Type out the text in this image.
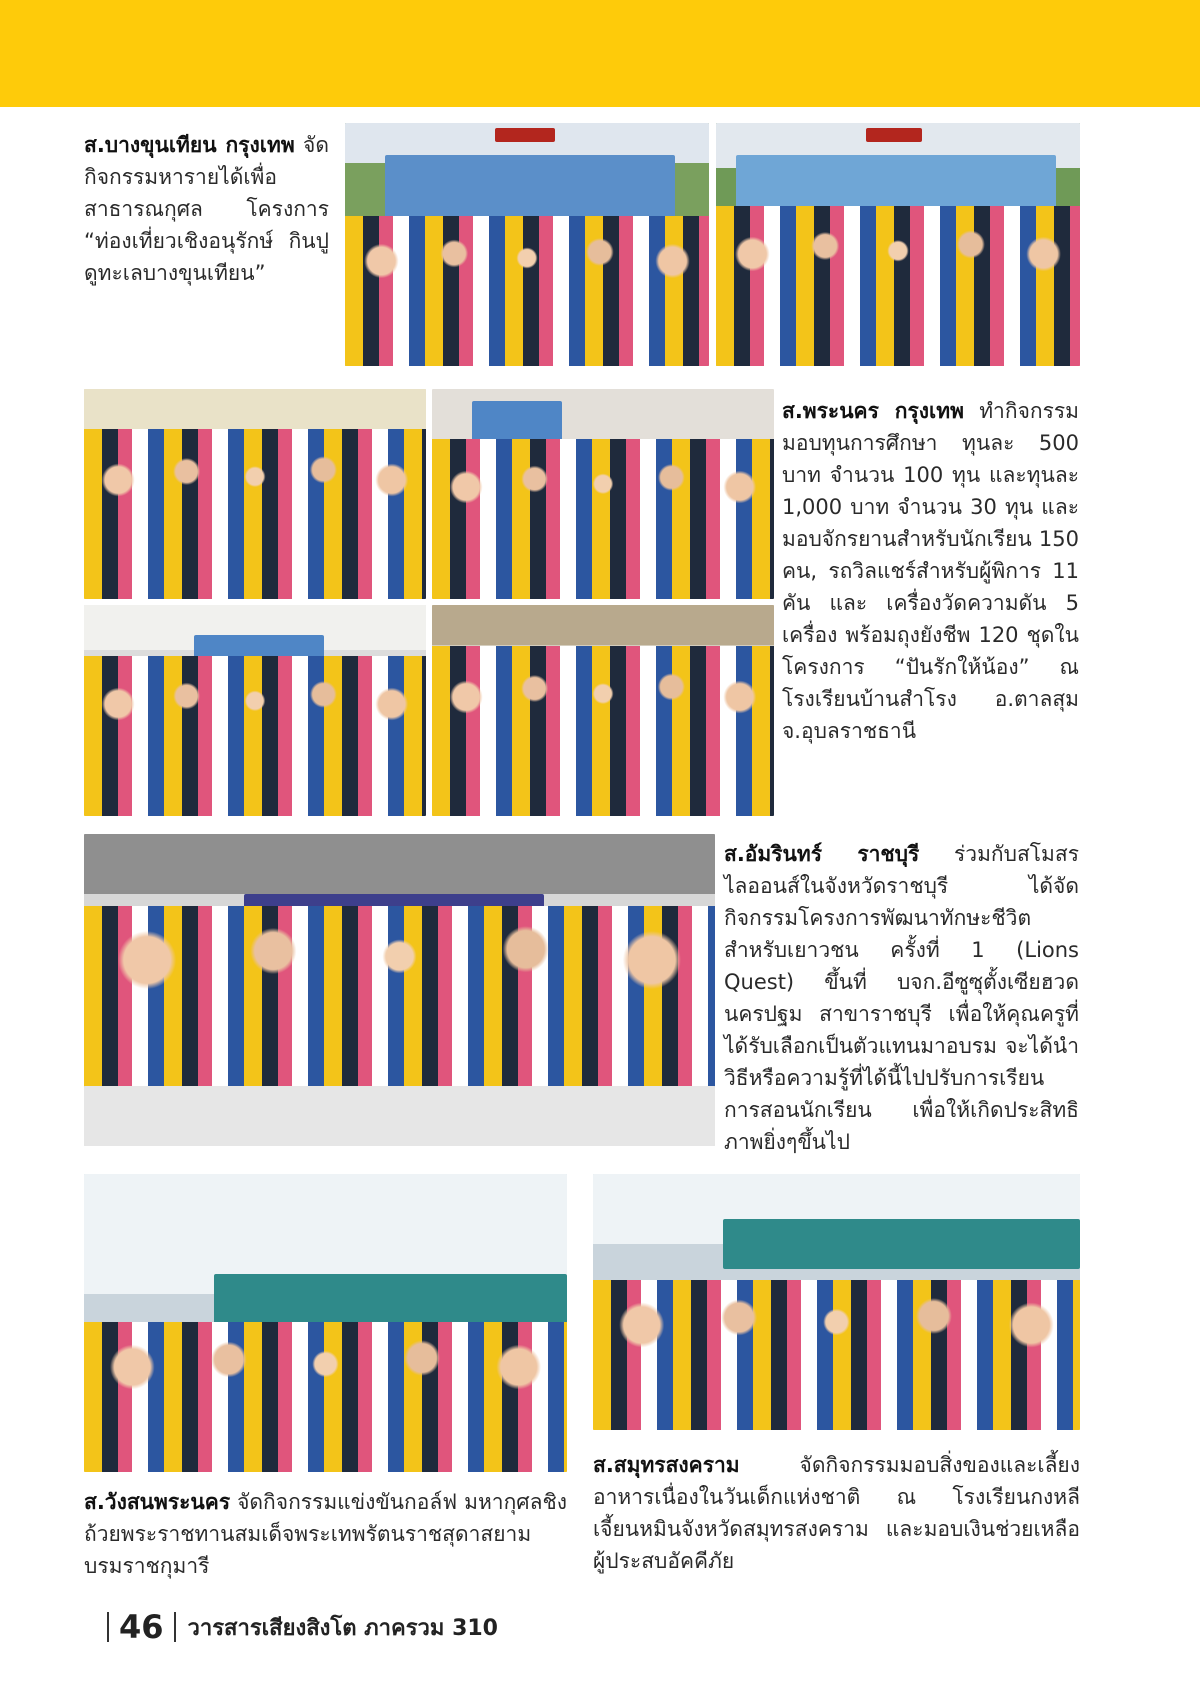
ส.บางขุนเทียน กรุงเทพ จัดกิจกรรมหารายได้เพื่อสาธารณกุศล โครงการ “ท่องเที่ยวเชิงอนุรักษ์ กินปูดูทะเลบางขุนเทียน”
ส.พระนคร กรุงเทพ ทำกิจกรรมมอบทุนการศึกษา ทุนละ 500 บาท จำนวน 100 ทุน และทุนละ 1,000 บาท จำนวน 30 ทุน และมอบจักรยานสำหรับนักเรียน 150 คน, รถวิลแชร์สำหรับผู้พิการ 11 คัน และ เครื่องวัดความดัน 5 เครื่อง พร้อมถุงยังชีพ 120 ชุดในโครงการ “ปันรักให้น้อง” ณ โรงเรียนบ้านสำโรง อ.ตาลสุม จ.อุบลราชธานี
ส.อัมรินทร์ ราชบุรี ร่วมกับสโมสรไลออนส์ในจังหวัดราชบุรี ได้จัดกิจกรรมโครงการพัฒนาทักษะชีวิตสำหรับเยาวชน ครั้งที่ 1 (Lions Quest) ขึ้นที่ บจก.อีซูซุตั้งเซียฮวดนครปฐม สาขาราชบุรี เพื่อให้คุณครูที่ได้รับเลือกเป็นตัวแทนมาอบรม จะได้นำวิธีหรือความรู้ที่ได้นี้ไปปรับการเรียนการสอนนักเรียน เพื่อให้เกิดประสิทธิภาพยิ่งๆขึ้นไป
ส.วังสนพระนคร จัดกิจกรรมแข่งขันกอล์ฟ มหากุศลชิงถ้วยพระราชทานสมเด็จพระเทพรัตนราชสุดาสยามบรมราชกุมารี
ส.สมุทรสงคราม จัดกิจกรรมมอบสิ่งของและเลี้ยงอาหารเนื่องในวันเด็กแห่งชาติ ณ โรงเรียนกงหลีเจี้ยนหมินจังหวัดสมุทรสงคราม และมอบเงินช่วยเหลือผู้ประสบอัคคีภัย
46 วารสารเสียงสิงโต ภาครวม 310
